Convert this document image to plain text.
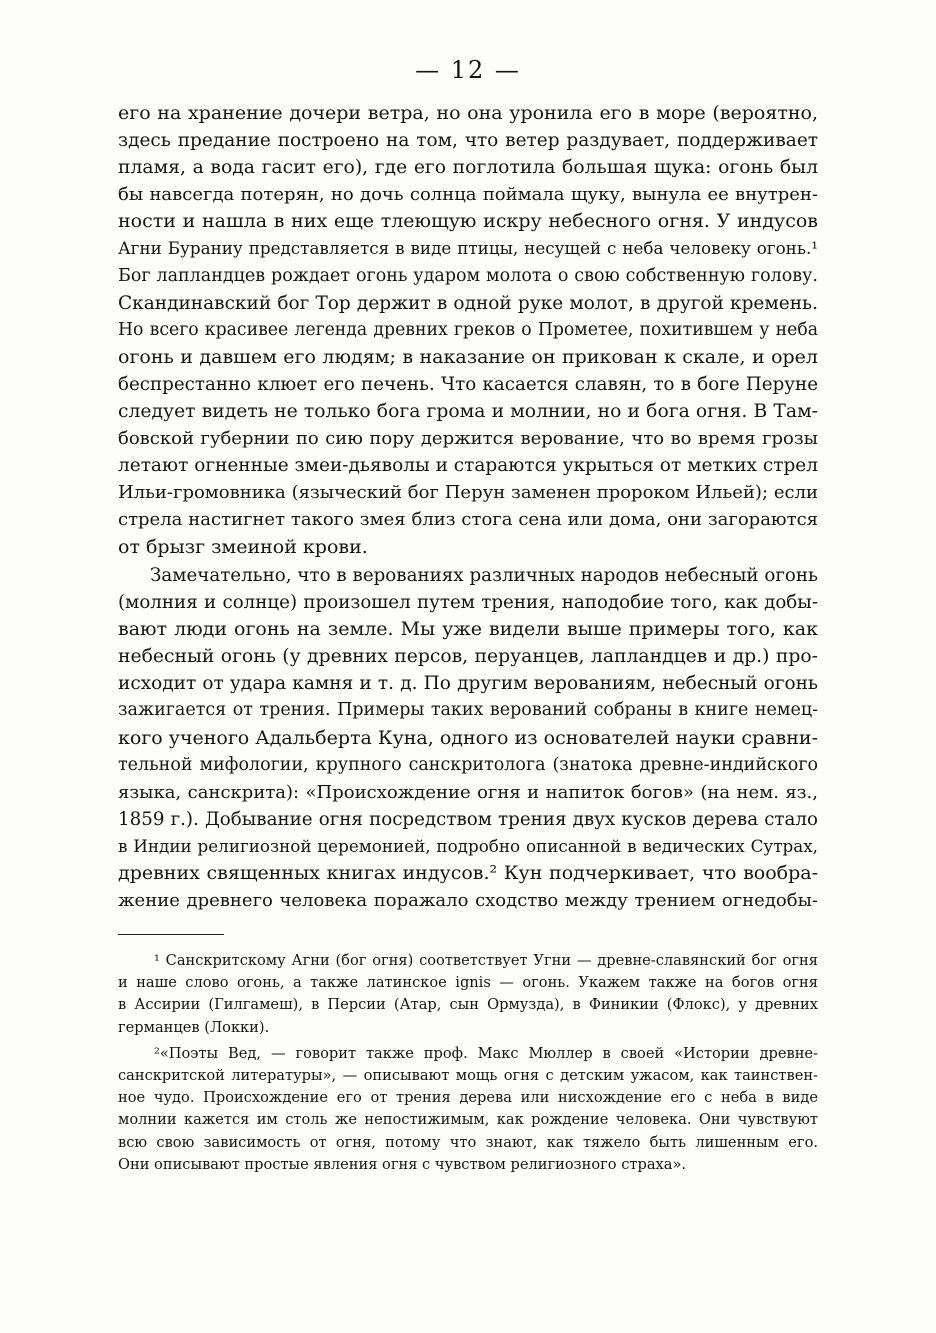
— 12 —
его на хранение дочери ветра, но она уронила его в море (вероятно,
здесь предание построено на том, что ветер раздувает, поддерживает
пламя, а вода гасит его), где его поглотила большая щука: огонь был
бы навсегда потерян, но дочь солнца поймала щуку, вынула ее внутрен-
ности и нашла в них еще тлеющую искру небесного огня. У индусов
Агни Бураниу представляется в виде птицы, несущей с неба человеку огонь.¹
Бог лапландцев рождает огонь ударом молота о свою собственную голову.
Скандинавский бог Тор держит в одной руке молот, в другой кремень.
Но всего красивее легенда древних греков о Прометее, похитившем у неба
огонь и давшем его людям; в наказание он прикован к скале, и орел
беспрестанно клюет его печень. Что касается славян, то в боге Перуне
следует видеть не только бога грома и молнии, но и бога огня. В Там-
бовской губернии по сию пору держится верование, что во время грозы
летают огненные змеи-дьяволы и стараются укрыться от метких стрел
Ильи-громовника (языческий бог Перун заменен пророком Ильей); если
стрела настигнет такого змея близ стога сена или дома, они загораются
от брызг змеиной крови.
Замечательно, что в верованиях различных народов небесный огонь
(молния и солнце) произошел путем трения, наподобие того, как добы-
вают люди огонь на земле. Мы уже видели выше примеры того, как
небесный огонь (у древних персов, перуанцев, лапландцев и др.) про-
исходит от удара камня и т. д. По другим верованиям, небесный огонь
зажигается от трения. Примеры таких верований собраны в книге немец-
кого ученого Адальберта Куна, одного из основателей науки сравни-
тельной мифологии, крупного санскритолога (знатока древне-индийского
языка, санскрита): «Происхождение огня и напиток богов» (на нем. яз.,
1859 г.). Добывание огня посредством трения двух кусков дерева стало
в Индии религиозной церемонией, подробно описанной в ведических Сутрах,
древних священных книгах индусов.² Кун подчеркивает, что вообра-
жение древнего человека поражало сходство между трением огнедобы-
¹ Санскритскому Агни (бог огня) соответствует Угни — древне-славянский бог огня
и наше слово огонь, а также латинское ignis — огонь. Укажем также на богов огня
в Ассирии (Гилгамеш), в Персии (Атар, сын Ормузда), в Финикии (Флокс), у древних
германцев (Локки).
²«Поэты Вед, — говорит также проф. Макс Мюллер в своей «Истории древне-
санскритской литературы», — описывают мощь огня с детским ужасом, как таинствен-
ное чудо. Происхождение его от трения дерева или нисхождение его с неба в виде
молнии кажется им столь же непостижимым, как рождение человека. Они чувствуют
всю свою зависимость от огня, потому что знают, как тяжело быть лишенным его.
Они описывают простые явления огня с чувством религиозного страха».
